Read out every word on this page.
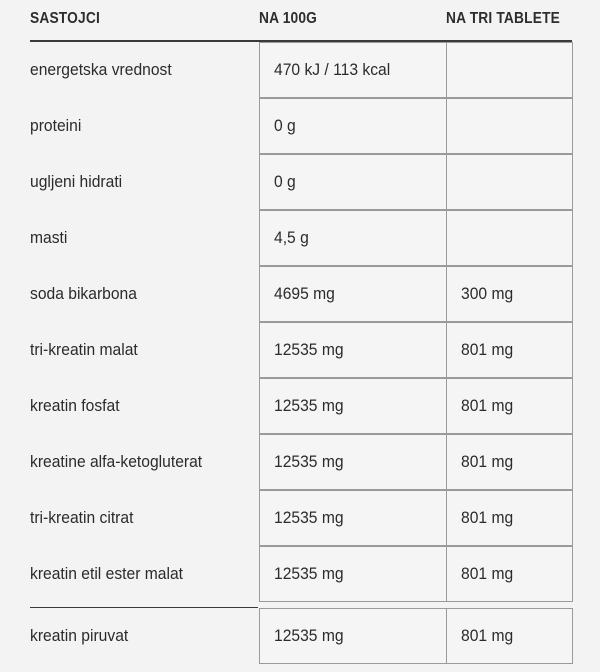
SASTOJCI	NA 100G	NA TRI TABLETE
energetska vrednost	470 kJ / 113 kcal
proteini	0 g
ugljeni hidrati	0 g
masti	4,5 g
soda bikarbona	4695 mg	300 mg
tri-kreatin malat	12535 mg	801 mg
kreatin fosfat	12535 mg	801 mg
kreatine alfa-ketogluterat	12535 mg	801 mg
tri-kreatin citrat	12535 mg	801 mg
kreatin etil ester malat	12535 mg	801 mg
kreatin piruvat	12535 mg	801 mg
